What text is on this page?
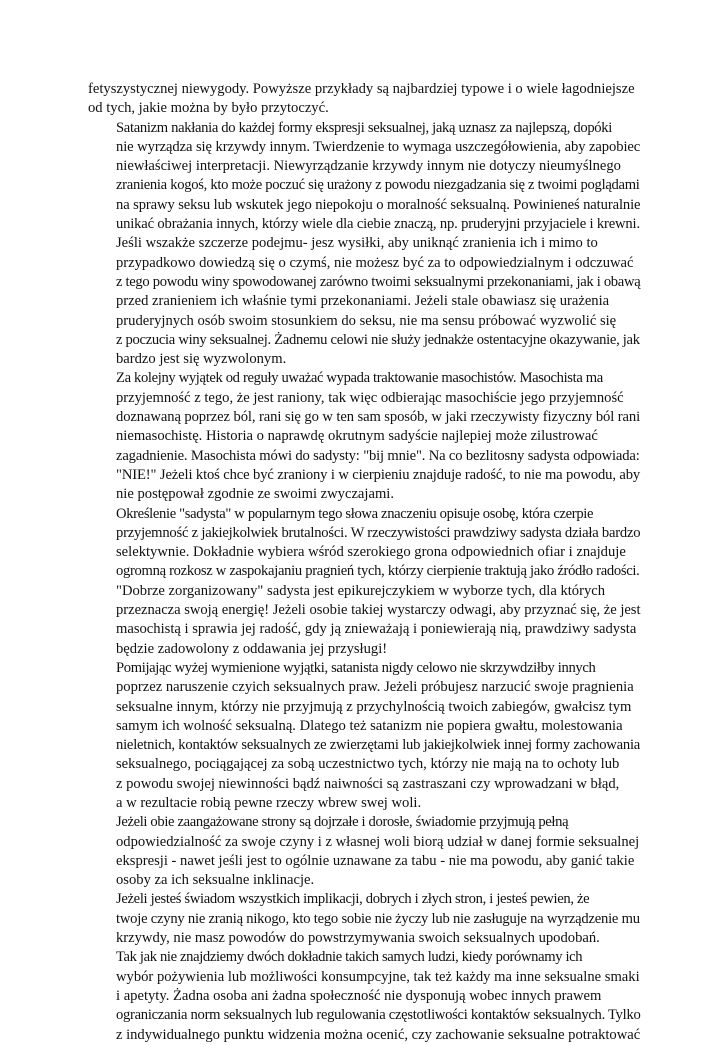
fetyszystycznej niewygody. Powyższe przykłady są najbardziej typowe i o wiele łagodniejsze
od tych, jakie można by było przytoczyć.

Satanizm nakłania do każdej formy ekspresji seksualnej, jaką uznasz za najlepszą, dopóki
nie wyrządza się krzywdy innym. Twierdzenie to wymaga uszczegółowienia, aby zapobiec
niewłaściwej interpretacji. Niewyrządzanie krzywdy innym nie dotyczy nieumyślnego
zranienia kogoś, kto może poczuć się urażony z powodu niezgadzania się z twoimi poglądami
na sprawy seksu lub wskutek jego niepokoju o moralność seksualną. Powinieneś naturalnie
unikać obrażania innych, którzy wiele dla ciebie znaczą, np. pruderyjni przyjaciele i krewni.
Jeśli wszakże szczerze podejmu- jesz wysiłki, aby uniknąć zranienia ich i mimo to
przypadkowo dowiedzą się o czymś, nie możesz być za to odpowiedzialnym i odczuwać
z tego powodu winy spowodowanej zarówno twoimi seksualnymi przekonaniami, jak i obawą
przed zranieniem ich właśnie tymi przekonaniami. Jeżeli stale obawiasz się urażenia
pruderyjnych osób swoim stosunkiem do seksu, nie ma sensu próbować wyzwolić się
z poczucia winy seksualnej. Żadnemu celowi nie służy jednakże ostentacyjne okazywanie, jak
bardzo jest się wyzwolonym.

Za kolejny wyjątek od reguły uważać wypada traktowanie masochistów. Masochista ma
przyjemność z tego, że jest raniony, tak więc odbierając masochiście jego przyjemność
doznawaną poprzez ból, rani się go w ten sam sposób, w jaki rzeczywisty fizyczny ból rani
niemasochistę. Historia o naprawdę okrutnym sadyście najlepiej może zilustrować
zagadnienie. Masochista mówi do sadysty: "bij mnie". Na co bezlitosny sadysta odpowiada:
"NIE!" Jeżeli ktoś chce być zraniony i w cierpieniu znajduje radość, to nie ma powodu, aby
nie postępował zgodnie ze swoimi zwyczajami.

Określenie "sadysta" w popularnym tego słowa znaczeniu opisuje osobę, która czerpie
przyjemność z jakiejkolwiek brutalności. W rzeczywistości prawdziwy sadysta działa bardzo
selektywnie. Dokładnie wybiera wśród szerokiego grona odpowiednich ofiar i znajduje
ogromną rozkosz w zaspokajaniu pragnień tych, którzy cierpienie traktują jako źródło radości.
"Dobrze zorganizowany" sadysta jest epikurejczykiem w wyborze tych, dla których
przeznacza swoją energię! Jeżeli osobie takiej wystarczy odwagi, aby przyznać się, że jest
masochistą i sprawia jej radość, gdy ją znieważają i poniewierają nią, prawdziwy sadysta
będzie zadowolony z oddawania jej przysługi!

Pomijając wyżej wymienione wyjątki, satanista nigdy celowo nie skrzywdziłby innych
poprzez naruszenie czyich seksualnych praw. Jeżeli próbujesz narzucić swoje pragnienia
seksualne innym, którzy nie przyjmują z przychylnością twoich zabiegów, gwałcisz tym
samym ich wolność seksualną. Dlatego też satanizm nie popiera gwałtu, molestowania
nieletnich, kontaktów seksualnych ze zwierzętami lub jakiejkolwiek innej formy zachowania
seksualnego, pociągającej za sobą uczestnictwo tych, którzy nie mają na to ochoty lub
z powodu swojej niewinności bądź naiwności są zastraszani czy wprowadzani w błąd,
a w rezultacie robią pewne rzeczy wbrew swej woli.

Jeżeli obie zaangażowane strony są dojrzałe i dorosłe, świadomie przyjmują pełną
odpowiedzialność za swoje czyny i z własnej woli biorą udział w danej formie seksualnej
ekspresji - nawet jeśli jest to ogólnie uznawane za tabu - nie ma powodu, aby ganić takie
osoby za ich seksualne inklinacje.

Jeżeli jesteś świadom wszystkich implikacji, dobrych i złych stron, i jesteś pewien, że
twoje czyny nie zranią nikogo, kto tego sobie nie życzy lub nie zasługuje na wyrządzenie mu
krzywdy, nie masz powodów do powstrzymywania swoich seksualnych upodobań.

Tak jak nie znajdziemy dwóch dokładnie takich samych ludzi, kiedy porównamy ich
wybór pożywienia lub możliwości konsumpcyjne, tak też każdy ma inne seksualne smaki
i apetyty. Żadna osoba ani żadna społeczność nie dysponują wobec innych prawem
ograniczania norm seksualnych lub regulowania częstotliwości kontaktów seksualnych. Tylko
z indywidualnego punktu widzenia można ocenić, czy zachowanie seksualne potraktować
